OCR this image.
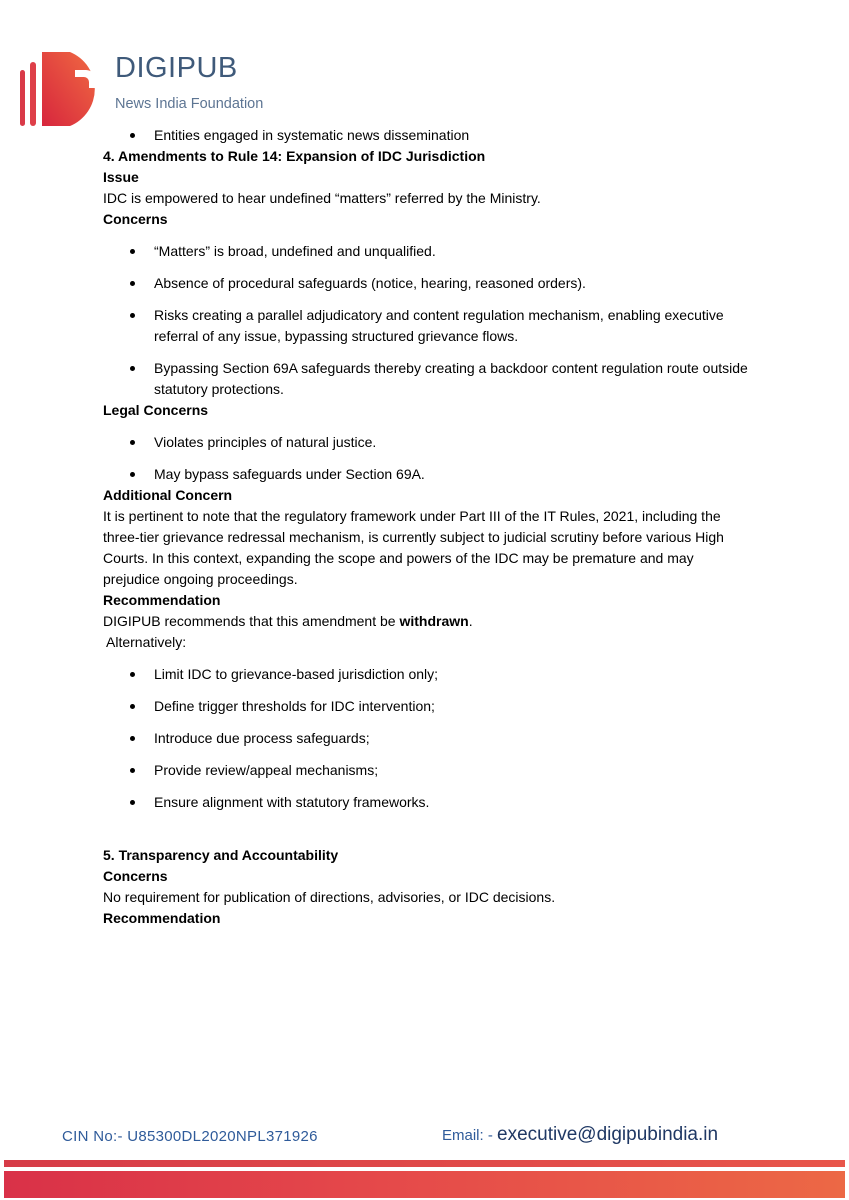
DIGIPUB
News India Foundation
Entities engaged in systematic news dissemination

4. Amendments to Rule 14: Expansion of IDC Jurisdiction

Issue

IDC is empowered to hear undefined “matters” referred by the Ministry.

Concerns

“Matters” is broad, undefined and unqualified.
Absence of procedural safeguards (notice, hearing, reasoned orders).
Risks creating a parallel adjudicatory and content regulation mechanism, enabling executive referral of any issue, bypassing structured grievance flows.
Bypassing Section 69A safeguards thereby creating a backdoor content regulation route outside statutory protections.

Legal Concerns

Violates principles of natural justice.
May bypass safeguards under Section 69A.

Additional Concern

It is pertinent to note that the regulatory framework under Part III of the IT Rules, 2021, including the three-tier grievance redressal mechanism, is currently subject to judicial scrutiny before various High Courts. In this context, expanding the scope and powers of the IDC may be premature and may prejudice ongoing proceedings.

Recommendation

DIGIPUB recommends that this amendment be withdrawn.

Alternatively:

Limit IDC to grievance-based jurisdiction only;
Define trigger thresholds for IDC intervention;
Introduce due process safeguards;
Provide review/appeal mechanisms;
Ensure alignment with statutory frameworks.

5. Transparency and Accountability

Concerns

No requirement for publication of directions, advisories, or IDC decisions.

Recommendation

CIN No:- U85300DL2020NPL371926	Email: - executive@digipubindia.in
